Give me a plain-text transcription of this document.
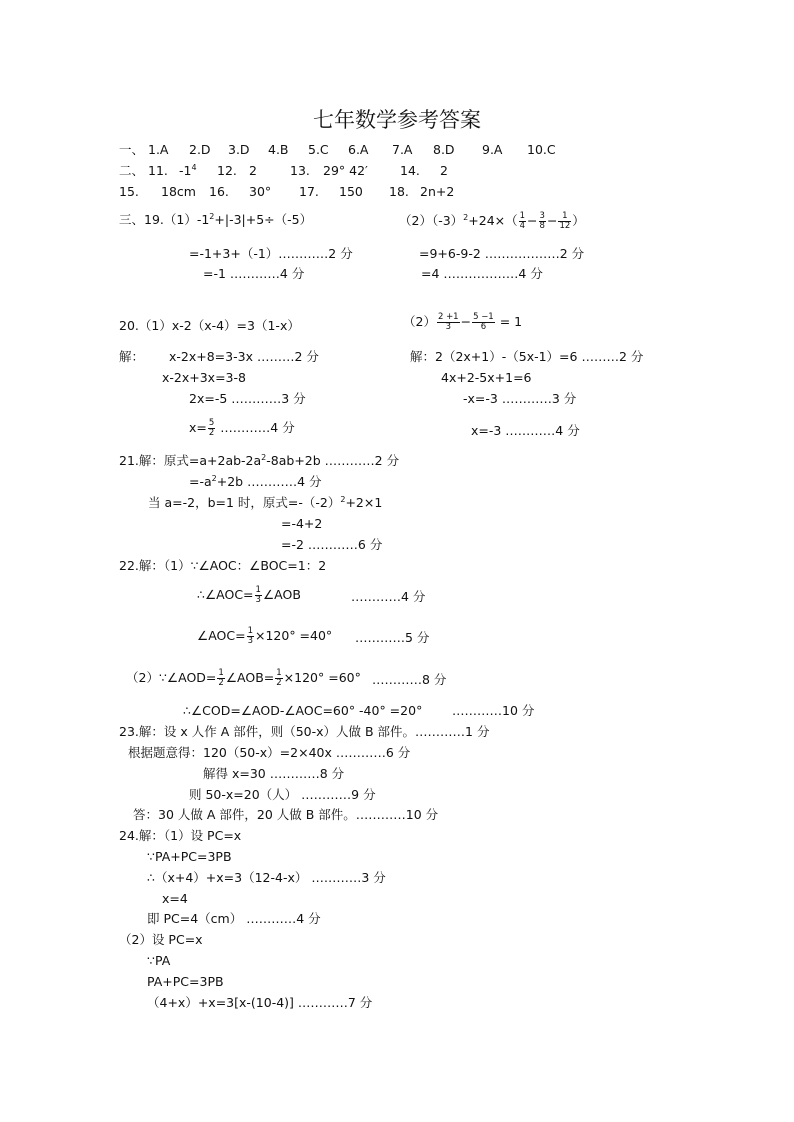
七年数学参考答案
一、 1.A 2.D 3.D 4.B 5.C 6.A 7.A 8.D 9.A 10.C
二、 11. $-1^4$ 12. 2	13. 29° 42′	14. 2
15. 18cm 16. 30° 17. 150 18. 2n+2
三、$19.(1)-1^2+|-3|+5\div(-5)$
=-1+3+（-1）…………2 分
=-1 …………4 分
$(2)(-3)^2+24\times( \frac{1}{4} - \frac{3}{8} - \frac{1}{12}$ ）
=9+6-9-2 ………………2 分
=4 ………………4 分
20.（1）x-2（x-4）=3（1-x）	$(2) \frac{2 +1}{3} - \frac{5 -1}{6} = 1$
解： x-2x+8=3-3x ………2 分
x-2x+3x=3-8
2x=-5 …………3 分
$x= \frac{5}{2}$ …………4 分
解：2（2x+1）-（5x-1）=6 ………2 分
4x+2-5x+1=6
-x=-3 …………3 分
x=-3 …………4 分
21.解：原式$=a+2ab-2a^2-8ab+2b$ …………2 分
$=-a^2+2b$ …………4 分
当 a=-2，b=1 时，原式$=-(-2)^2+2\times 1$
=-4+2
=-2 …………6 分
22.解：（1）∵∠AOC：∠BOC=1：2
∴∠AOC= $\frac{1}{3}$ ∠AOB	…………4 分
∠AOC= $\frac{1}{3} \times 120^\circ =40^\circ$ …………5 分
（2）∵∠AOD= $\frac{1}{2}$ ∠AOB= $\frac{1}{2} \times 120^\circ =60^\circ$ …………8 分
∴∠COD=∠AOD-∠AOC=60° -40° =20° …………10 分
23.解：设 x 人作 A 部件，则（50-x）人做 B 部件。…………1 分
根据题意得：120（50-x）=2×40x …………6 分
解得 x=30 …………8 分
则 50-x=20（人） …………9 分
答：30 人做 A 部件，20 人做 B 部件。…………10 分
24.解：（1）设 PC=x
∵PA+PC=3PB
∴（x+4）+x=3（12-4-x） …………3 分
x=4
即 PC=4（cm） …………4 分
（2）设 PC=x
∵PA
PA+PC=3PB
（4+x）+x=3[x-(10-4)] …………7 分
